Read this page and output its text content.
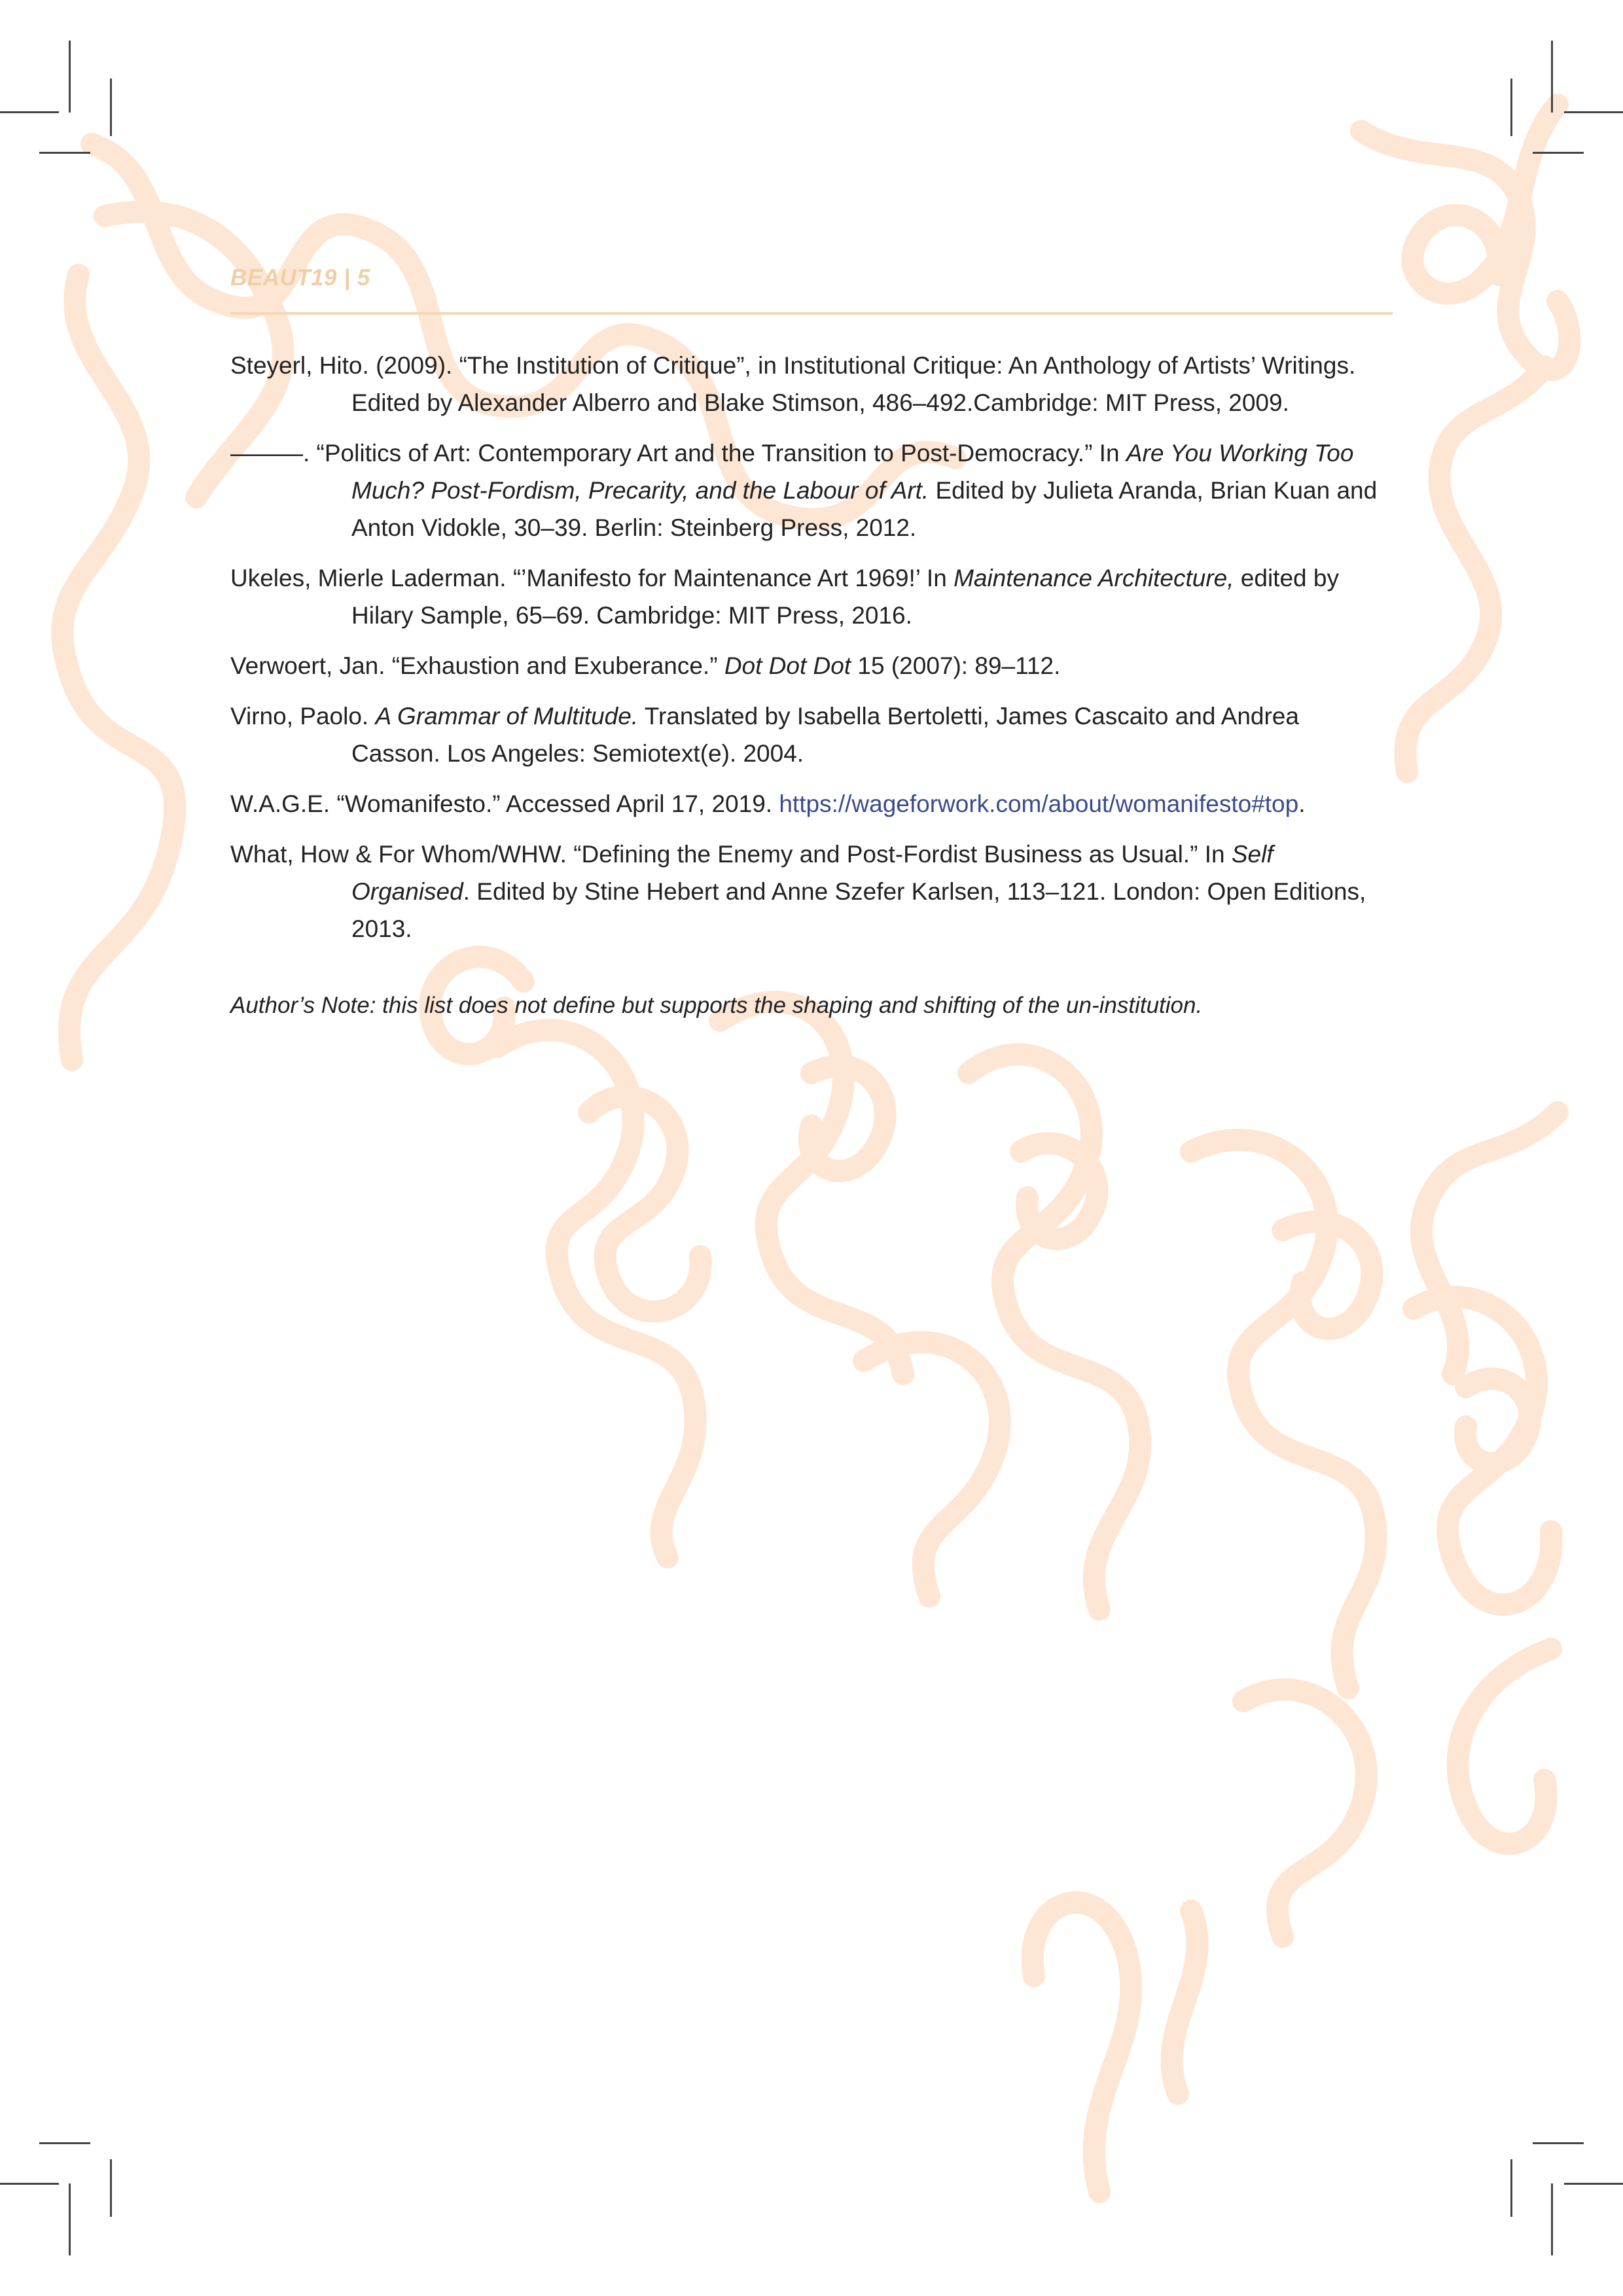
BEAUT19 | 5

Steyerl, Hito. (2009). “The Institution of Critique”, in Institutional Critique: An Anthology of Artists’ Writings. Edited by Alexander Alberro and Blake Stimson, 486–492.Cambridge: MIT Press, 2009.

———. “Politics of Art: Contemporary Art and the Transition to Post-Democracy.” In Are You Working Too Much? Post-Fordism, Precarity, and the Labour of Art. Edited by Julieta Aranda, Brian Kuan and Anton Vidokle, 30–39. Berlin: Steinberg Press, 2012.

Ukeles, Mierle Laderman. “’Manifesto for Maintenance Art 1969!’ In Maintenance Architecture, edited by Hilary Sample, 65–69. Cambridge: MIT Press, 2016.

Verwoert, Jan. “Exhaustion and Exuberance.” Dot Dot Dot 15 (2007): 89–112.

Virno, Paolo. A Grammar of Multitude. Translated by Isabella Bertoletti, James Cascaito and Andrea Casson. Los Angeles: Semiotext(e). 2004.

W.A.G.E. “Womanifesto.” Accessed April 17, 2019. https://wageforwork.com/about/womanifesto#top.

What, How & For Whom/WHW. “Defining the Enemy and Post-Fordist Business as Usual.” In Self Organised. Edited by Stine Hebert and Anne Szefer Karlsen, 113–121. London: Open Editions, 2013.

Author’s Note: this list does not define but supports the shaping and shifting of the un-institution.
